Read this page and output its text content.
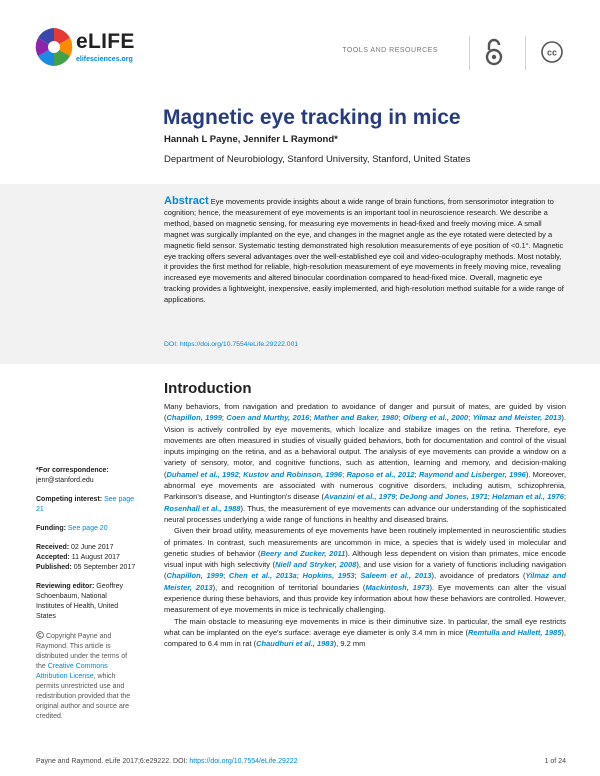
eLIFE
elifesciences.org
TOOLS AND RESOURCES	cc
Magnetic eye tracking in mice
Hannah L Payne, Jennifer L Raymond*
Department of Neurobiology, Stanford University, Stanford, United States
Abstract Eye movements provide insights about a wide range of brain functions, from sensorimotor integration to cognition; hence, the measurement of eye movements is an important tool in neuroscience research. We describe a method, based on magnetic sensing, for measuring eye movements in head-fixed and freely moving mice. A small magnet was surgically implanted on the eye, and changes in the magnet angle as the eye rotated were detected by a magnetic field sensor. Systematic testing demonstrated high resolution measurements of eye position of <0.1°. Magnetic eye tracking offers several advantages over the well-established eye coil and video-oculography methods. Most notably, it provides the first method for reliable, high-resolution measurement of eye movements in freely moving mice, revealing increased eye movements and altered binocular coordination compared to head-fixed mice. Overall, magnetic eye tracking provides a lightweight, inexpensive, easily implemented, and high-resolution method suitable for a wide range of applications.
DOI: https://doi.org/10.7554/eLife.29222.001
*For correspondence:
jenr@stanford.edu
Competing interest: See page 21
Funding: See page 20
Received: 02 June 2017
Accepted: 11 August 2017
Published: 05 September 2017
Reviewing editor: Geoffrey Schoenbaum, National Institutes of Health, United States
Copyright Payne and Raymond. This article is distributed under the terms of the Creative Commons Attribution License, which permits unrestricted use and redistribution provided that the original author and source are credited.
Introduction

Many behaviors, from navigation and predation to avoidance of danger and pursuit of mates, are guided by vision (Chapillon, 1999; Coen and Murthy, 2016; Mather and Baker, 1980; Olberg et al., 2000; Yilmaz and Meister, 2013). Vision is actively controlled by eye movements, which localize and stabilize images on the retina. Therefore, eye movements are often measured in studies of visually guided behaviors, both for documentation and control of the visual inputs impinging on the retina, and as a behavioral output. The analysis of eye movements can provide a window on a variety of sensory, motor, and cognitive functions, such as attention, learning and memory, and decision-making (Duhamel et al., 1992; Kustov and Robinson, 1996; Raposo et al., 2012; Raymond and Lisberger, 1996). Moreover, abnormal eye movements are associated with numerous cognitive disorders, including autism, schizophrenia, Parkinson's disease, and Huntington's disease (Avanzini et al., 1979; DeJong and Jones, 1971; Holzman et al., 1976; Rosenhall et al., 1988). Thus, the measurement of eye movements can advance our understanding of the sophisticated neural processes underlying a wide range of functions in healthy and diseased brains.

Given their broad utility, measurements of eye movements have been routinely implemented in neuroscientific studies of primates. In contrast, such measurements are uncommon in mice, a species that is widely used in molecular and genetic studies of behavior (Beery and Zucker, 2011). Although less dependent on vision than primates, mice encode visual input with high selectivity (Niell and Stryker, 2008), and use vision for a variety of functions including navigation (Chapillon, 1999; Chen et al., 2013a; Hopkins, 1953; Saleem et al., 2013), avoidance of predators (Yilmaz and Meister, 2013), and recognition of territorial boundaries (Mackintosh, 1973). Eye movements can alter the visual experience during these behaviors, and thus provide key information about how these behaviors are controlled. However, measurement of eye movements in mice is technically challenging.

The main obstacle to measuring eye movements in mice is their diminutive size. In particular, the small eye restricts what can be implanted on the eye's surface: average eye diameter is only 3.4 mm in mice (Remtulla and Hallett, 1985), compared to 6.4 mm in rat (Chaudhuri et al., 1983), 9.2 mm

Payne and Raymond. eLife 2017;6:e29222. DOI: https://doi.org/10.7554/eLife.29222	1 of 24
